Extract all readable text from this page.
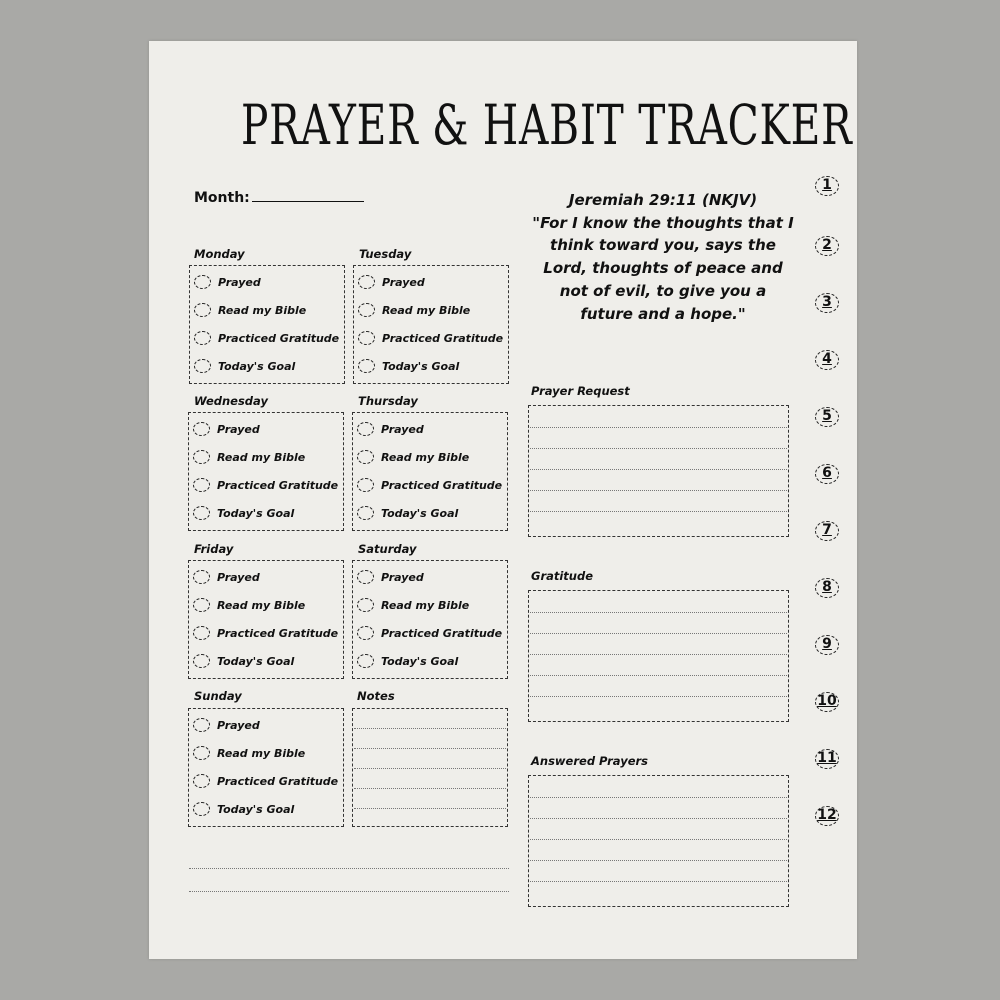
PRAYER & HABIT TRACKER
Month:	Jeremiah 29:11 (NKJV)
"For I know the thoughts that I think toward you, says the Lord, thoughts of peace and not of evil, to give you a future and a hope."
Monday
Prayed
Read my Bible
Practiced Gratitude
Today's Goal
Tuesday
Prayed
Read my Bible
Practiced Gratitude
Today's Goal
Wednesday
Prayed
Read my Bible
Practiced Gratitude
Today's Goal
Thursday
Prayed
Read my Bible
Practiced Gratitude
Today's Goal
Friday
Prayed
Read my Bible
Practiced Gratitude
Today's Goal
Saturday
Prayed
Read my Bible
Practiced Gratitude
Today's Goal
Sunday
Prayed
Read my Bible
Practiced Gratitude
Today's Goal
Notes
Prayer Request
Gratitude
Answered Prayers
1
2
3
4
5
6
7
8
9
10
11
12
